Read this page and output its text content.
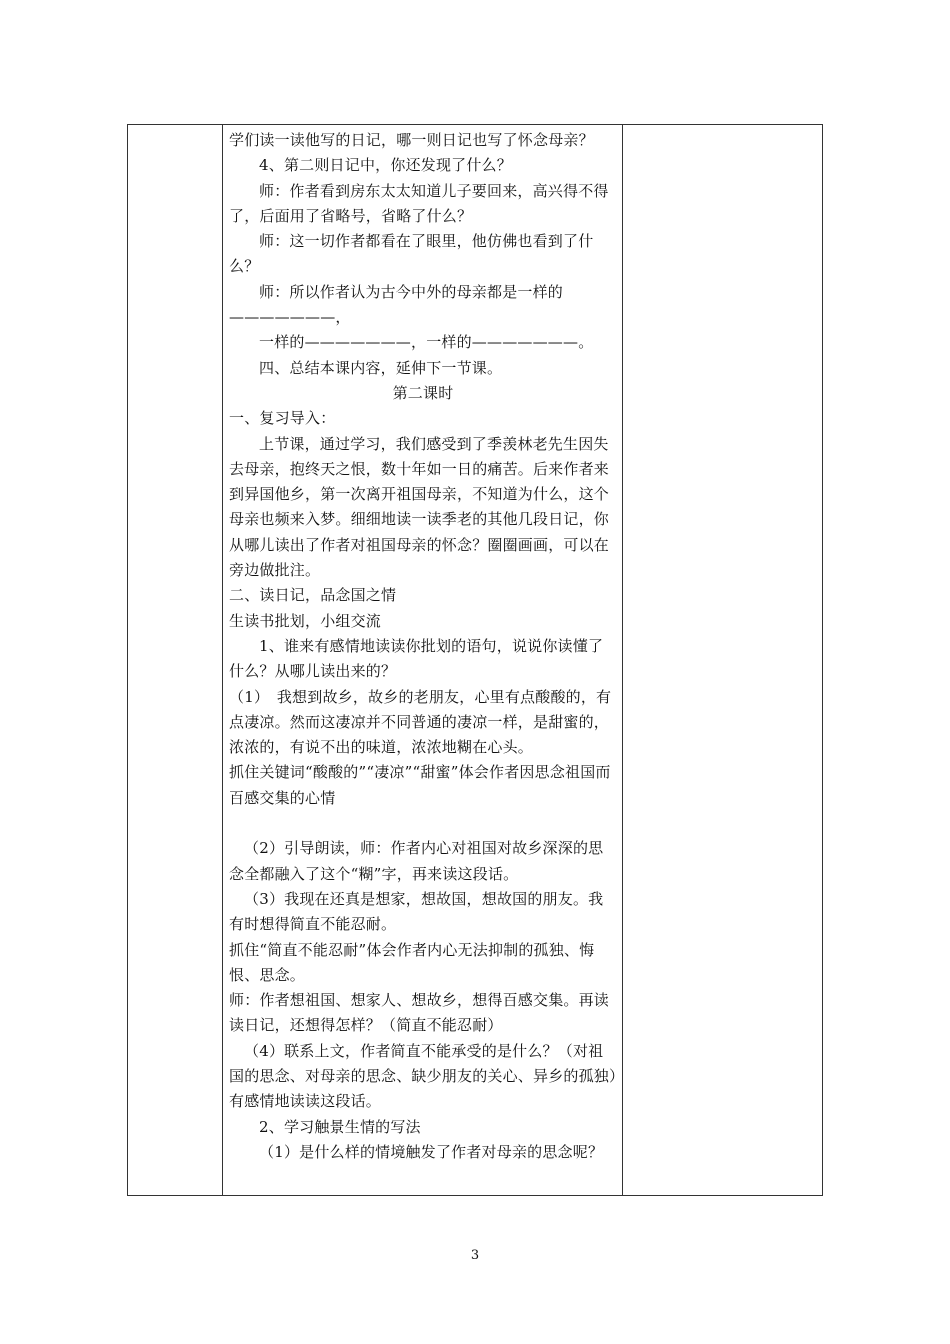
学们读一读他写的日记，哪一则日记也写了怀念母亲？

4、第二则日记中，你还发现了什么？

师：作者看到房东太太知道儿子要回来，高兴得不得了，后面用了省略号，省略了什么？

师：这一切作者都看在了眼里，他仿佛也看到了什么？

师：所以作者认为古今中外的母亲都是一样的———————，

一样的———————，一样的———————。

四、总结本课内容，延伸下一节课。

第二课时

一、复习导入：

上节课，通过学习，我们感受到了季羡林老先生因失去母亲，抱终天之恨，数十年如一日的痛苦。后来作者来到异国他乡，第一次离开祖国母亲，不知道为什么，这个母亲也频来入梦。细细地读一读季老的其他几段日记，你从哪儿读出了作者对祖国母亲的怀念？圈圈画画，可以在旁边做批注。

二、读日记，品念国之情

生读书批划，小组交流

1、谁来有感情地读读你批划的语句，说说你读懂了什么？从哪儿读出来的？

（1）　我想到故乡，故乡的老朋友，心里有点酸酸的，有点凄凉。然而这凄凉并不同普通的凄凉一样，是甜蜜的，浓浓的，有说不出的味道，浓浓地糊在心头。

抓住关键词“酸酸的”“凄凉”“甜蜜”体会作者因思念祖国而百感交集的心情

（2）引导朗读，师：作者内心对祖国对故乡深深的思念全都融入了这个“糊”字，再来读这段话。

（3）我现在还真是想家，想故国，想故国的朋友。我有时想得简直不能忍耐。

抓住“简直不能忍耐”体会作者内心无法抑制的孤独、悔恨、思念。

师：作者想祖国、想家人、想故乡，想得百感交集。再读读日记，还想得怎样？（简直不能忍耐）

（4）联系上文，作者简直不能承受的是什么？（对祖国的思念、对母亲的思念、缺少朋友的关心、异乡的孤独）有感情地读读这段话。

2、学习触景生情的写法

（1）是什么样的情境触发了作者对母亲的思念呢？

3
